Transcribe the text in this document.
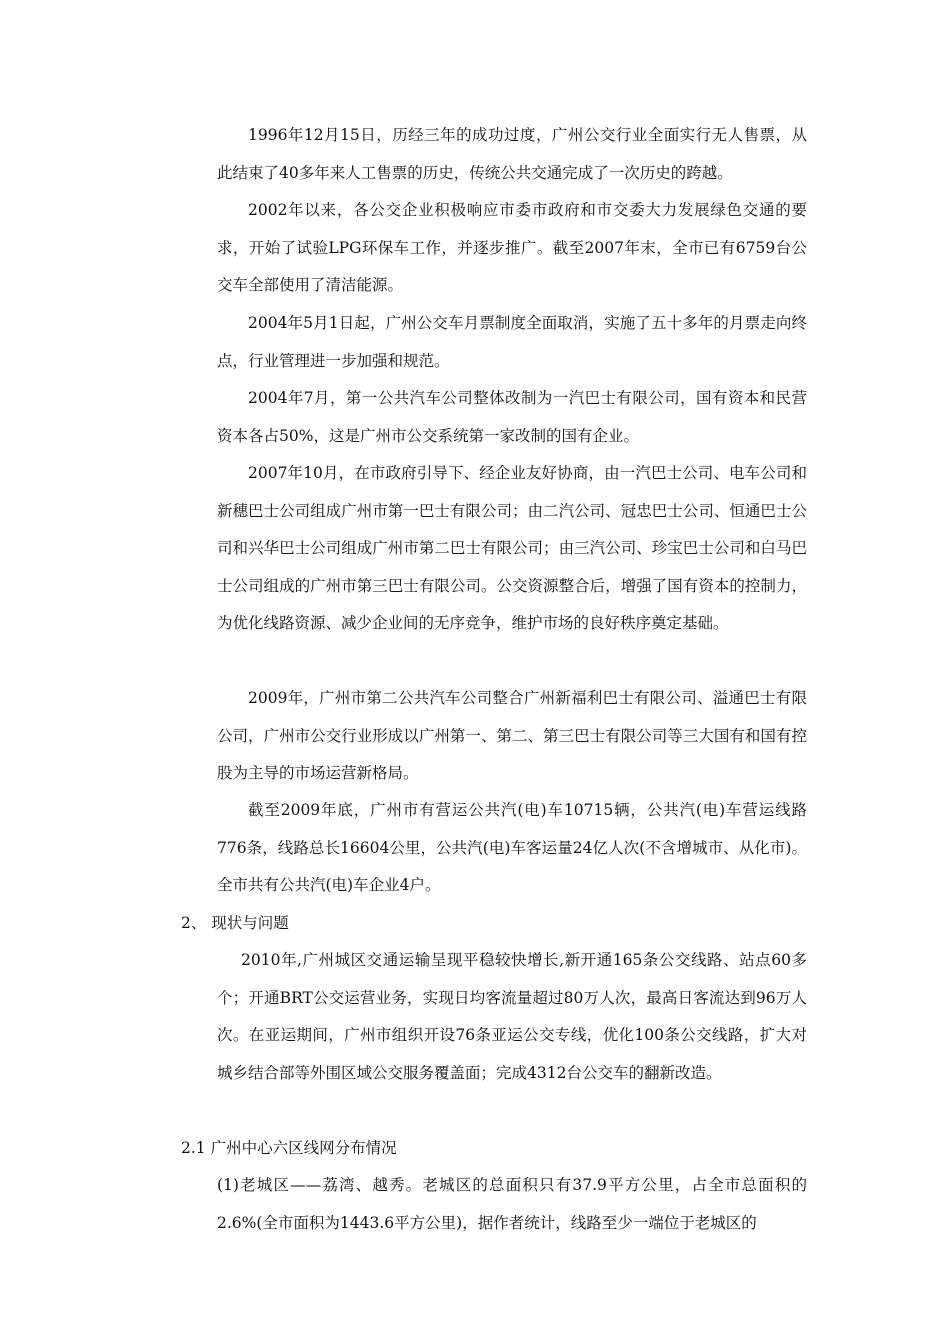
1996年12月15日，历经三年的成功过度，广州公交行业全面实行无人售票，从此结束了40多年来人工售票的历史，传统公共交通完成了一次历史的跨越。

2002年以来，各公交企业积极响应市委市政府和市交委大力发展绿色交通的要求，开始了试验LPG环保车工作，并逐步推广。截至2007年末，全市已有6759台公交车全部使用了清洁能源。

2004年5月1日起，广州公交车月票制度全面取消，实施了五十多年的月票走向终点，行业管理进一步加强和规范。

2004年7月，第一公共汽车公司整体改制为一汽巴士有限公司，国有资本和民营资本各占50%，这是广州市公交系统第一家改制的国有企业。

2007年10月，在市政府引导下、经企业友好协商，由一汽巴士公司、电车公司和新穗巴士公司组成广州市第一巴士有限公司；由二汽公司、冠忠巴士公司、恒通巴士公司和兴华巴士公司组成广州市第二巴士有限公司；由三汽公司、珍宝巴士公司和白马巴士公司组成的广州市第三巴士有限公司。公交资源整合后，增强了国有资本的控制力，为优化线路资源、减少企业间的无序竞争，维护市场的良好秩序奠定基础。

2009年，广州市第二公共汽车公司整合广州新福利巴士有限公司、溢通巴士有限公司，广州市公交行业形成以广州第一、第二、第三巴士有限公司等三大国有和国有控股为主导的市场运营新格局。

截至2009年底，广州市有营运公共汽(电)车10715辆，公共汽(电)车营运线路776条，线路总长16604公里，公共汽(电)车客运量24亿人次(不含增城市、从化市)。全市共有公共汽(电)车企业4户。

2、 现状与问题

2010年,广州城区交通运输呈现平稳较快增长,新开通165条公交线路、站点60多个；开通BRT公交运营业务，实现日均客流量超过80万人次，最高日客流达到96万人次。在亚运期间，广州市组织开设76条亚运公交专线，优化100条公交线路，扩大对城乡结合部等外围区域公交服务覆盖面；完成4312台公交车的翻新改造。

2.1 广州中心六区线网分布情况

(1)老城区——荔湾、越秀。老城区的总面积只有37.9平方公里，占全市总面积的2.6%(全市面积为1443.6平方公里)，据作者统计，线路至少一端位于老城区的
